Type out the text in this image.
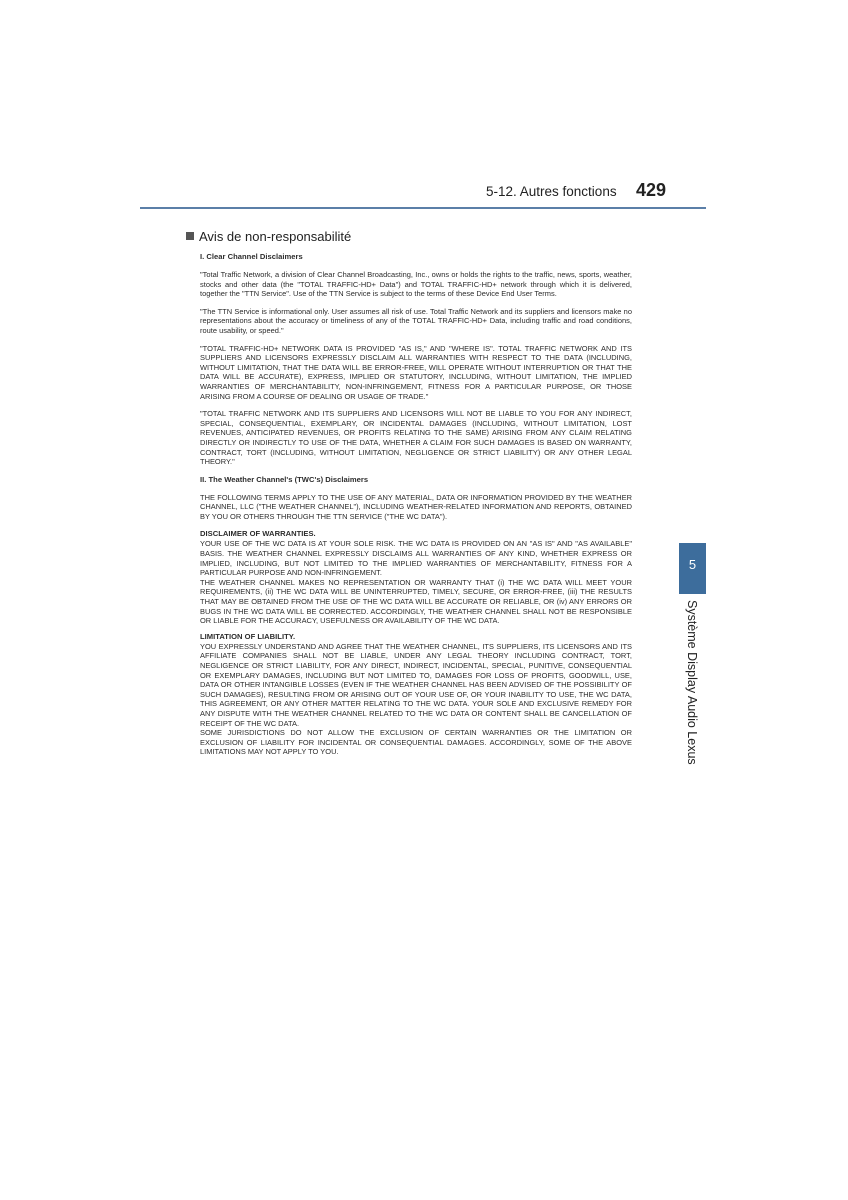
5-12. Autres fonctions 429
Avis de non-responsabilité
5
Système Display Audio Lexus

I. Clear Channel Disclaimers

"Total Traffic Network, a division of Clear Channel Broadcasting, Inc., owns or holds the rights to the traffic, news, sports, weather, stocks and other data (the "TOTAL TRAFFIC-HD+ Data") and TOTAL TRAFFIC-HD+ network through which it is delivered, together the "TTN Service". Use of the TTN Service is subject to the terms of these Device End User Terms.

"The TTN Service is informational only. User assumes all risk of use. Total Traffic Network and its suppliers and licensors make no representations about the accuracy or timeliness of any of the TOTAL TRAFFIC-HD+ Data, including traffic and road conditions, route usability, or speed."

"TOTAL TRAFFIC-HD+ NETWORK DATA IS PROVIDED "AS IS," AND "WHERE IS". TOTAL TRAFFIC NETWORK AND ITS SUPPLIERS AND LICENSORS EXPRESSLY DISCLAIM ALL WARRANTIES WITH RESPECT TO THE DATA (INCLUDING, WITHOUT LIMITATION, THAT THE DATA WILL BE ERROR-FREE, WILL OPERATE WITHOUT INTERRUPTION OR THAT THE DATA WILL BE ACCURATE), EXPRESS, IMPLIED OR STATUTORY, INCLUDING, WITHOUT LIMITATION, THE IMPLIED WARRANTIES OF MERCHANTABILITY, NON-INFRINGEMENT, FITNESS FOR A PARTICULAR PURPOSE, OR THOSE ARISING FROM A COURSE OF DEALING OR USAGE OF TRADE."

"TOTAL TRAFFIC NETWORK AND ITS SUPPLIERS AND LICENSORS WILL NOT BE LIABLE TO YOU FOR ANY INDIRECT, SPECIAL, CONSEQUENTIAL, EXEMPLARY, OR INCIDENTAL DAMAGES (INCLUDING, WITHOUT LIMITATION, LOST REVENUES, ANTICIPATED REVENUES, OR PROFITS RELATING TO THE SAME) ARISING FROM ANY CLAIM RELATING DIRECTLY OR INDIRECTLY TO USE OF THE DATA, WHETHER A CLAIM FOR SUCH DAMAGES IS BASED ON WARRANTY, CONTRACT, TORT (INCLUDING, WITHOUT LIMITATION, NEGLIGENCE OR STRICT LIABILITY) OR ANY OTHER LEGAL THEORY."

II. The Weather Channel's (TWC's) Disclaimers

THE FOLLOWING TERMS APPLY TO THE USE OF ANY MATERIAL, DATA OR INFORMATION PROVIDED BY THE WEATHER CHANNEL, LLC ("THE WEATHER CHANNEL"), INCLUDING WEATHER-RELATED INFORMATION AND REPORTS, OBTAINED BY YOU OR OTHERS THROUGH THE TTN SERVICE ("THE WC DATA").

DISCLAIMER OF WARRANTIES.

YOUR USE OF THE WC DATA IS AT YOUR SOLE RISK. THE WC DATA IS PROVIDED ON AN "AS IS" AND "AS AVAILABLE" BASIS. THE WEATHER CHANNEL EXPRESSLY DISCLAIMS ALL WARRANTIES OF ANY KIND, WHETHER EXPRESS OR IMPLIED, INCLUDING, BUT NOT LIMITED TO THE IMPLIED WARRANTIES OF MERCHANTABILITY, FITNESS FOR A PARTICULAR PURPOSE AND NON-INFRINGEMENT.

THE WEATHER CHANNEL MAKES NO REPRESENTATION OR WARRANTY THAT (i) THE WC DATA WILL MEET YOUR REQUIREMENTS, (ii) THE WC DATA WILL BE UNINTERRUPTED, TIMELY, SECURE, OR ERROR-FREE, (iii) THE RESULTS THAT MAY BE OBTAINED FROM THE USE OF THE WC DATA WILL BE ACCURATE OR RELIABLE, OR (iv) ANY ERRORS OR BUGS IN THE WC DATA WILL BE CORRECTED. ACCORDINGLY, THE WEATHER CHANNEL SHALL NOT BE RESPONSIBLE OR LIABLE FOR THE ACCURACY, USEFULNESS OR AVAILABILITY OF THE WC DATA.

LIMITATION OF LIABILITY.

YOU EXPRESSLY UNDERSTAND AND AGREE THAT THE WEATHER CHANNEL, ITS SUPPLIERS, ITS LICENSORS AND ITS AFFILIATE COMPANIES SHALL NOT BE LIABLE, UNDER ANY LEGAL THEORY INCLUDING CONTRACT, TORT, NEGLIGENCE OR STRICT LIABILITY, FOR ANY DIRECT, INDIRECT, INCIDENTAL, SPECIAL, PUNITIVE, CONSEQUENTIAL OR EXEMPLARY DAMAGES, INCLUDING BUT NOT LIMITED TO, DAMAGES FOR LOSS OF PROFITS, GOODWILL, USE, DATA OR OTHER INTANGIBLE LOSSES (EVEN IF THE WEATHER CHANNEL HAS BEEN ADVISED OF THE POSSIBILITY OF SUCH DAMAGES), RESULTING FROM OR ARISING OUT OF YOUR USE OF, OR YOUR INABILITY TO USE, THE WC DATA, THIS AGREEMENT, OR ANY OTHER MATTER RELATING TO THE WC DATA. YOUR SOLE AND EXCLUSIVE REMEDY FOR ANY DISPUTE WITH THE WEATHER CHANNEL RELATED TO THE WC DATA OR CONTENT SHALL BE CANCELLATION OF RECEIPT OF THE WC DATA.

SOME JURISDICTIONS DO NOT ALLOW THE EXCLUSION OF CERTAIN WARRANTIES OR THE LIMITATION OR EXCLUSION OF LIABILITY FOR INCIDENTAL OR CONSEQUENTIAL DAMAGES. ACCORDINGLY, SOME OF THE ABOVE LIMITATIONS MAY NOT APPLY TO YOU.
